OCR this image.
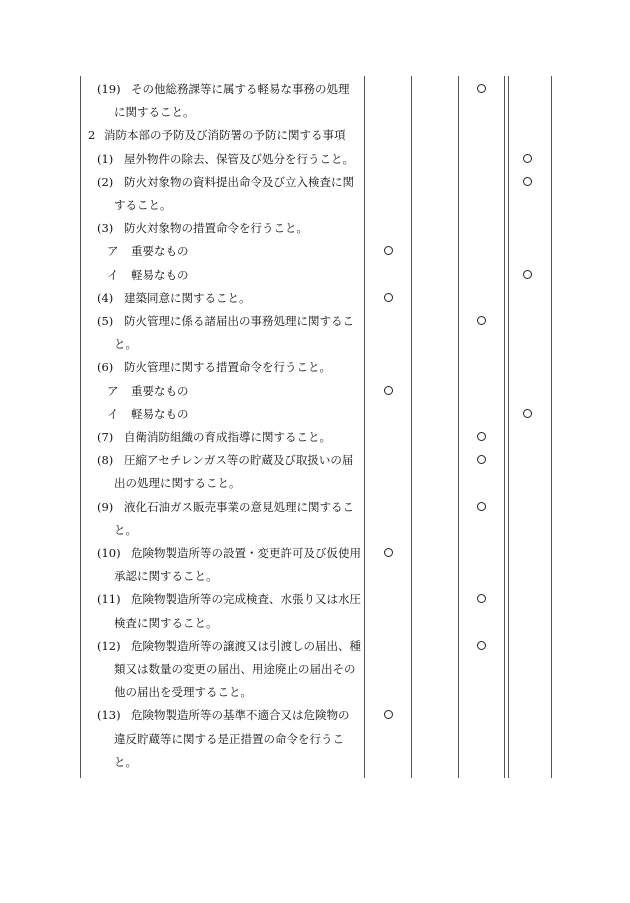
(19) その他総務課等に属する軽易な事務の処理
に関すること。
2 消防本部の予防及び消防署の予防に関する事項
(1) 屋外物件の除去、保管及び処分を行うこと。
(2) 防火対象物の資料提出命令及び立入検査に関
すること。
(3) 防火対象物の措置命令を行うこと。
ア 重要なもの
イ 軽易なもの
(4) 建築同意に関すること。
(5) 防火管理に係る諸届出の事務処理に関するこ
と。
(6) 防火管理に関する措置命令を行うこと。
ア 重要なもの
イ 軽易なもの
(7) 自衛消防組織の育成指導に関すること。
(8) 圧縮アセチレンガス等の貯蔵及び取扱いの届
出の処理に関すること。
(9) 液化石油ガス販売事業の意見処理に関するこ
と。
(10) 危険物製造所等の設置・変更許可及び仮使用
承認に関すること。
(11) 危険物製造所等の完成検査、水張り又は水圧
検査に関すること。
(12) 危険物製造所等の譲渡又は引渡しの届出、種
類又は数量の変更の届出、用途廃止の届出その
他の届出を受理すること。
(13) 危険物製造所等の基準不適合又は危険物の
違反貯蔵等に関する是正措置の命令を行うこ
と。
